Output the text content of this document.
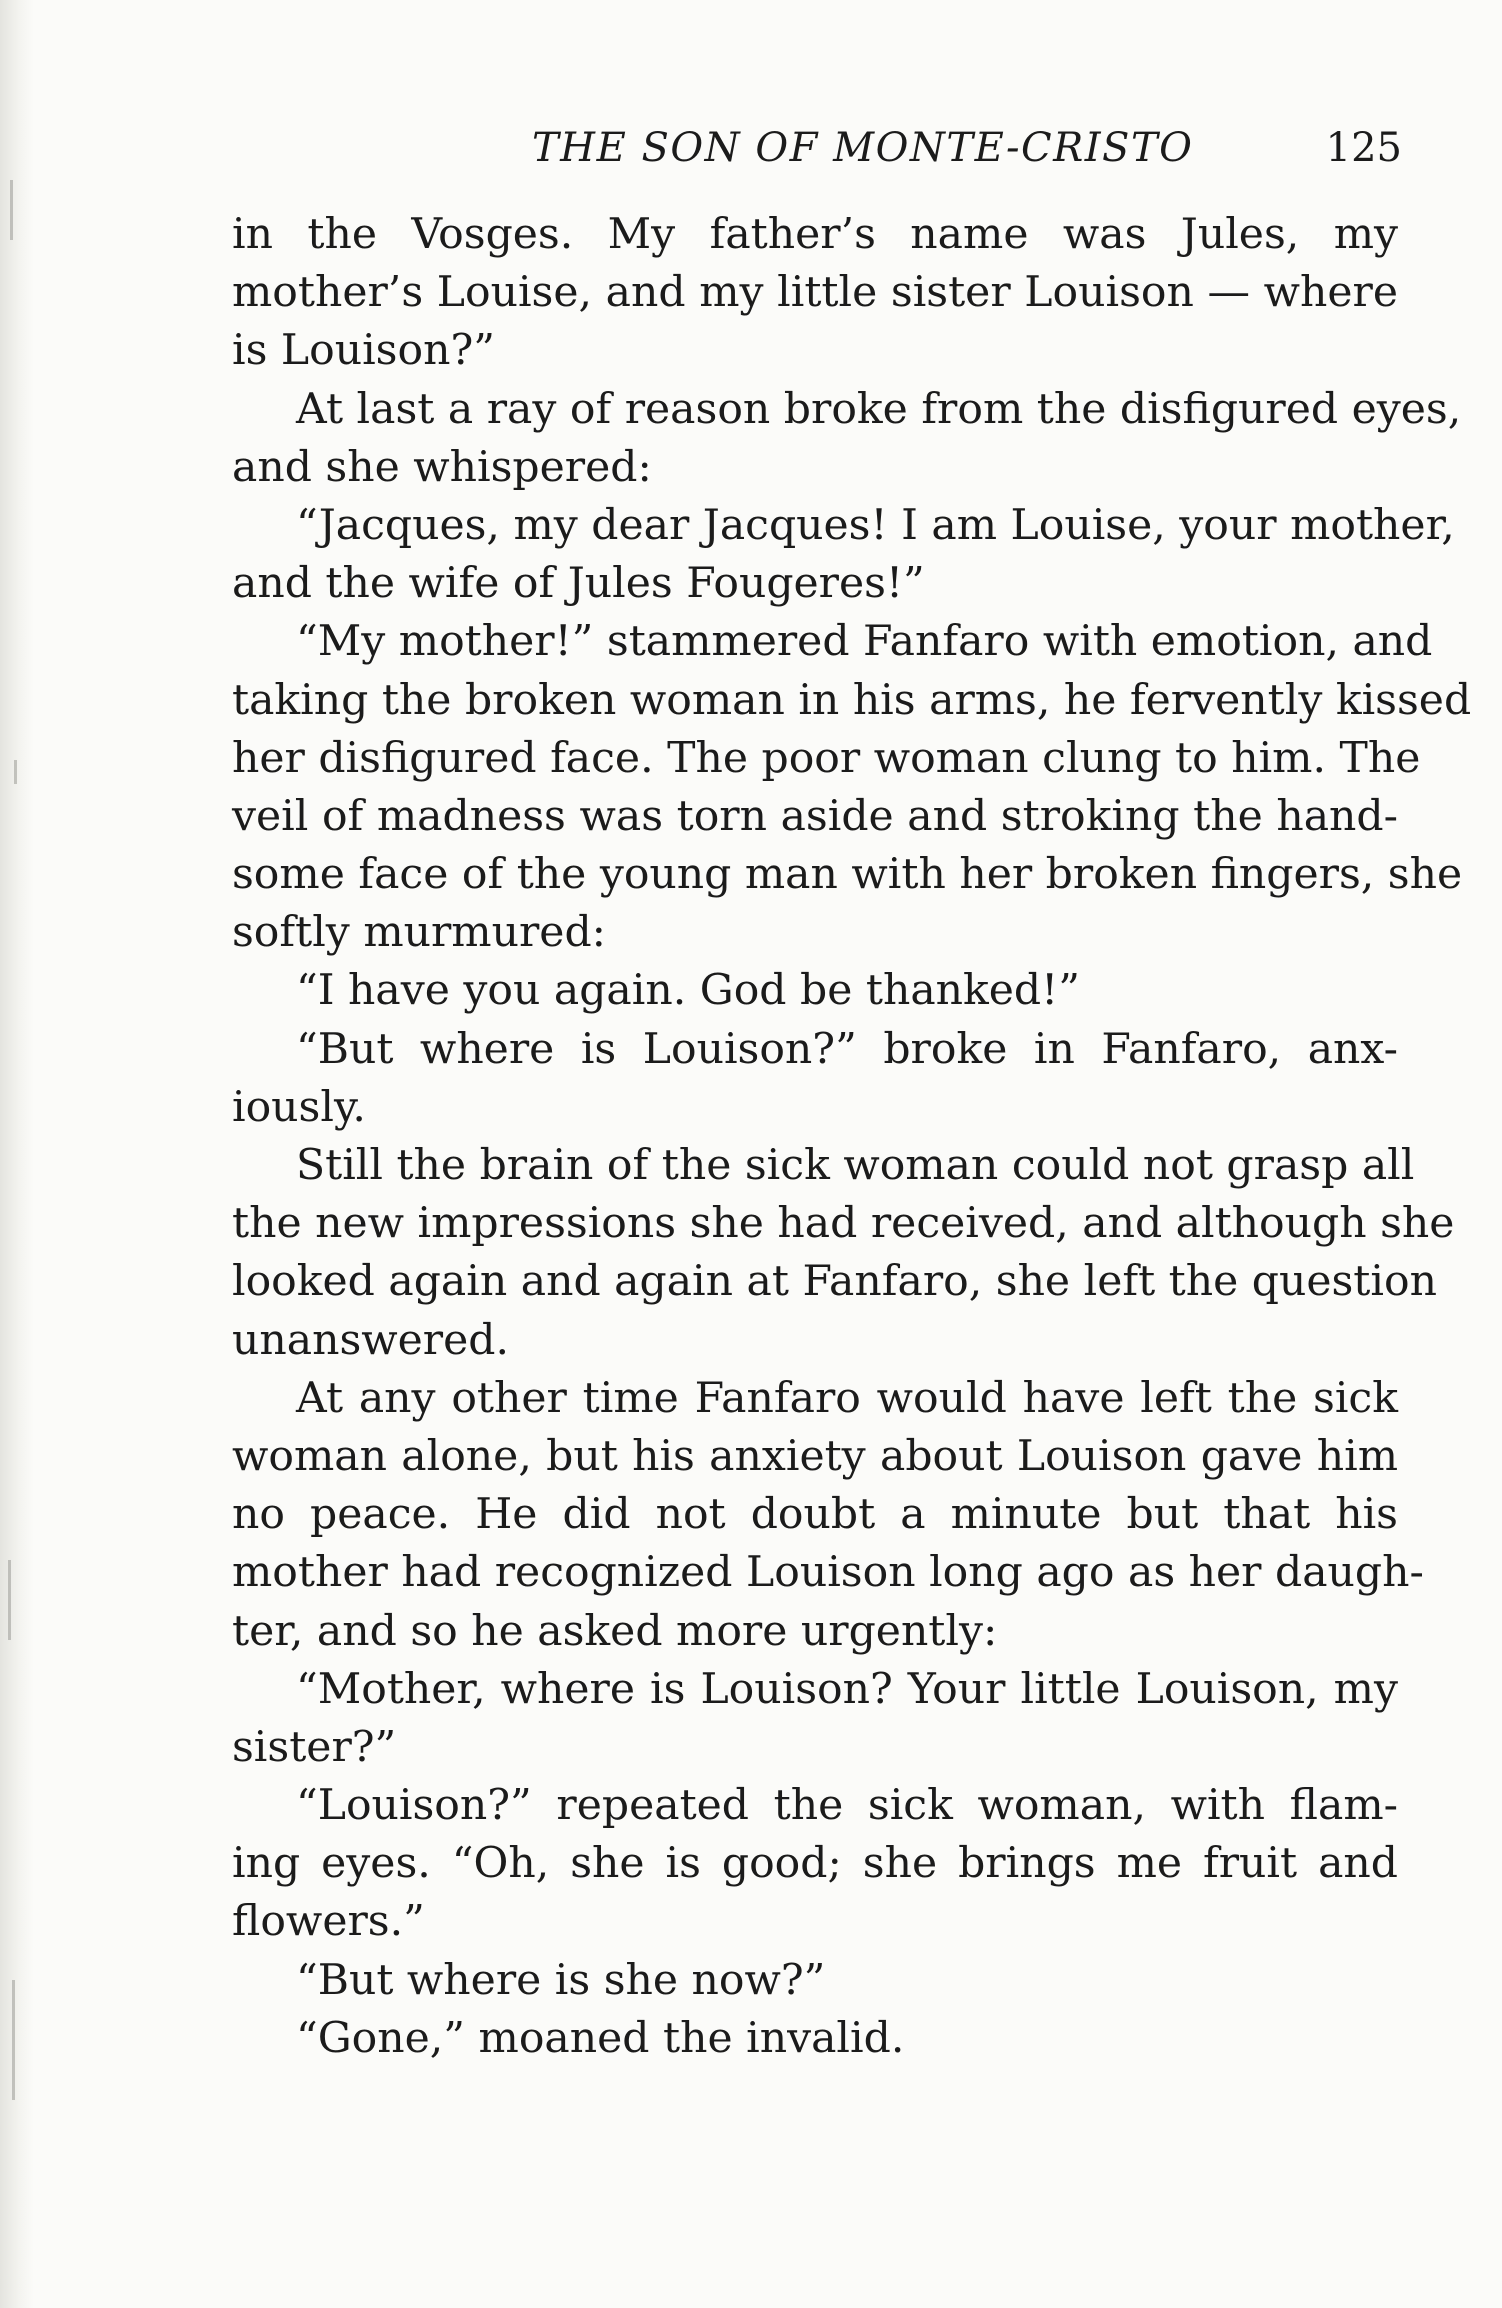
THE SON OF MONTE-CRISTO	125
in the Vosges. My father’s name was Jules, my
mother’s Louise, and my little sister Louison — where
is Louison?”
At last a ray of reason broke from the disfigured eyes,
and she whispered:
“Jacques, my dear Jacques! I am Louise, your mother,
and the wife of Jules Fougeres!”
“My mother!” stammered Fanfaro with emotion, and
taking the broken woman in his arms, he fervently kissed
her disfigured face. The poor woman clung to him. The
veil of madness was torn aside and stroking the hand-
some face of the young man with her broken fingers, she
softly murmured:
“I have you again. God be thanked!”
“But where is Louison?” broke in Fanfaro, anx-
iously.
Still the brain of the sick woman could not grasp all
the new impressions she had received, and although she
looked again and again at Fanfaro, she left the question
unanswered.
At any other time Fanfaro would have left the sick
woman alone, but his anxiety about Louison gave him
no peace. He did not doubt a minute but that his
mother had recognized Louison long ago as her daugh-
ter, and so he asked more urgently:
“Mother, where is Louison? Your little Louison, my
sister?”
“Louison?” repeated the sick woman, with flam-
ing eyes. “Oh, she is good; she brings me fruit and
flowers.”
“But where is she now?”
“Gone,” moaned the invalid.
